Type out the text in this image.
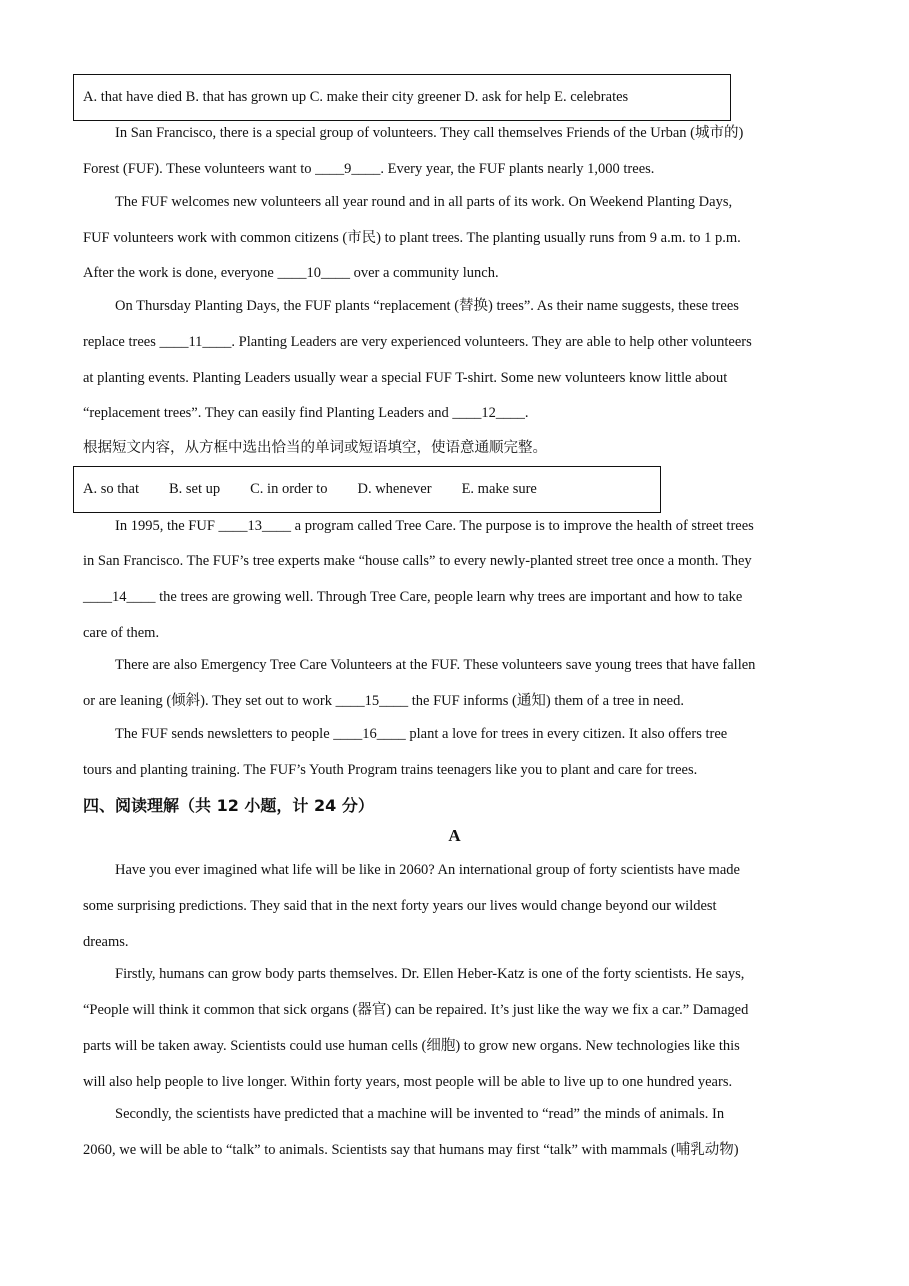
A. that have died B. that has grown up C. make their city greener D. ask for help E. celebrates
In San Francisco, there is a special group of volunteers. They call themselves Friends of the Urban (城市的)
Forest (FUF). These volunteers want to ____9____. Every year, the FUF plants nearly 1,000 trees.
The FUF welcomes new volunteers all year round and in all parts of its work. On Weekend Planting Days,
FUF volunteers work with common citizens (市民) to plant trees. The planting usually runs from 9 a.m. to 1 p.m.
After the work is done, everyone ____10____ over a community lunch.
On Thursday Planting Days, the FUF plants “replacement (替换) trees”. As their name suggests, these trees
replace trees ____11____. Planting Leaders are very experienced volunteers. They are able to help other volunteers
at planting events. Planting Leaders usually wear a special FUF T-shirt. Some new volunteers know little about
“replacement trees”. They can easily find Planting Leaders and ____12____.
根据短文内容，从方框中选出恰当的单词或短语填空，使语意通顺完整。
A. so that B. set up C. in order to D. whenever E. make sure
In 1995, the FUF ____13____ a program called Tree Care. The purpose is to improve the health of street trees
in San Francisco. The FUF’s tree experts make “house calls” to every newly-planted street tree once a month. They
____14____ the trees are growing well. Through Tree Care, people learn why trees are important and how to take
care of them.
There are also Emergency Tree Care Volunteers at the FUF. These volunteers save young trees that have fallen
or are leaning (倾斜). They set out to work ____15____ the FUF informs (通知) them of a tree in need.
The FUF sends newsletters to people ____16____ plant a love for trees in every citizen. It also offers tree
tours and planting training. The FUF’s Youth Program trains teenagers like you to plant and care for trees.
四、阅读理解（共 12 小题，计 24 分）
A
Have you ever imagined what life will be like in 2060? An international group of forty scientists have made
some surprising predictions. They said that in the next forty years our lives would change beyond our wildest
dreams.
Firstly, humans can grow body parts themselves. Dr. Ellen Heber-Katz is one of the forty scientists. He says,
“People will think it common that sick organs (器官) can be repaired. It’s just like the way we fix a car.” Damaged
parts will be taken away. Scientists could use human cells (细胞) to grow new organs. New technologies like this
will also help people to live longer. Within forty years, most people will be able to live up to one hundred years.
Secondly, the scientists have predicted that a machine will be invented to “read” the minds of animals. In
2060, we will be able to “talk” to animals. Scientists say that humans may first “talk” with mammals (哺乳动物)
